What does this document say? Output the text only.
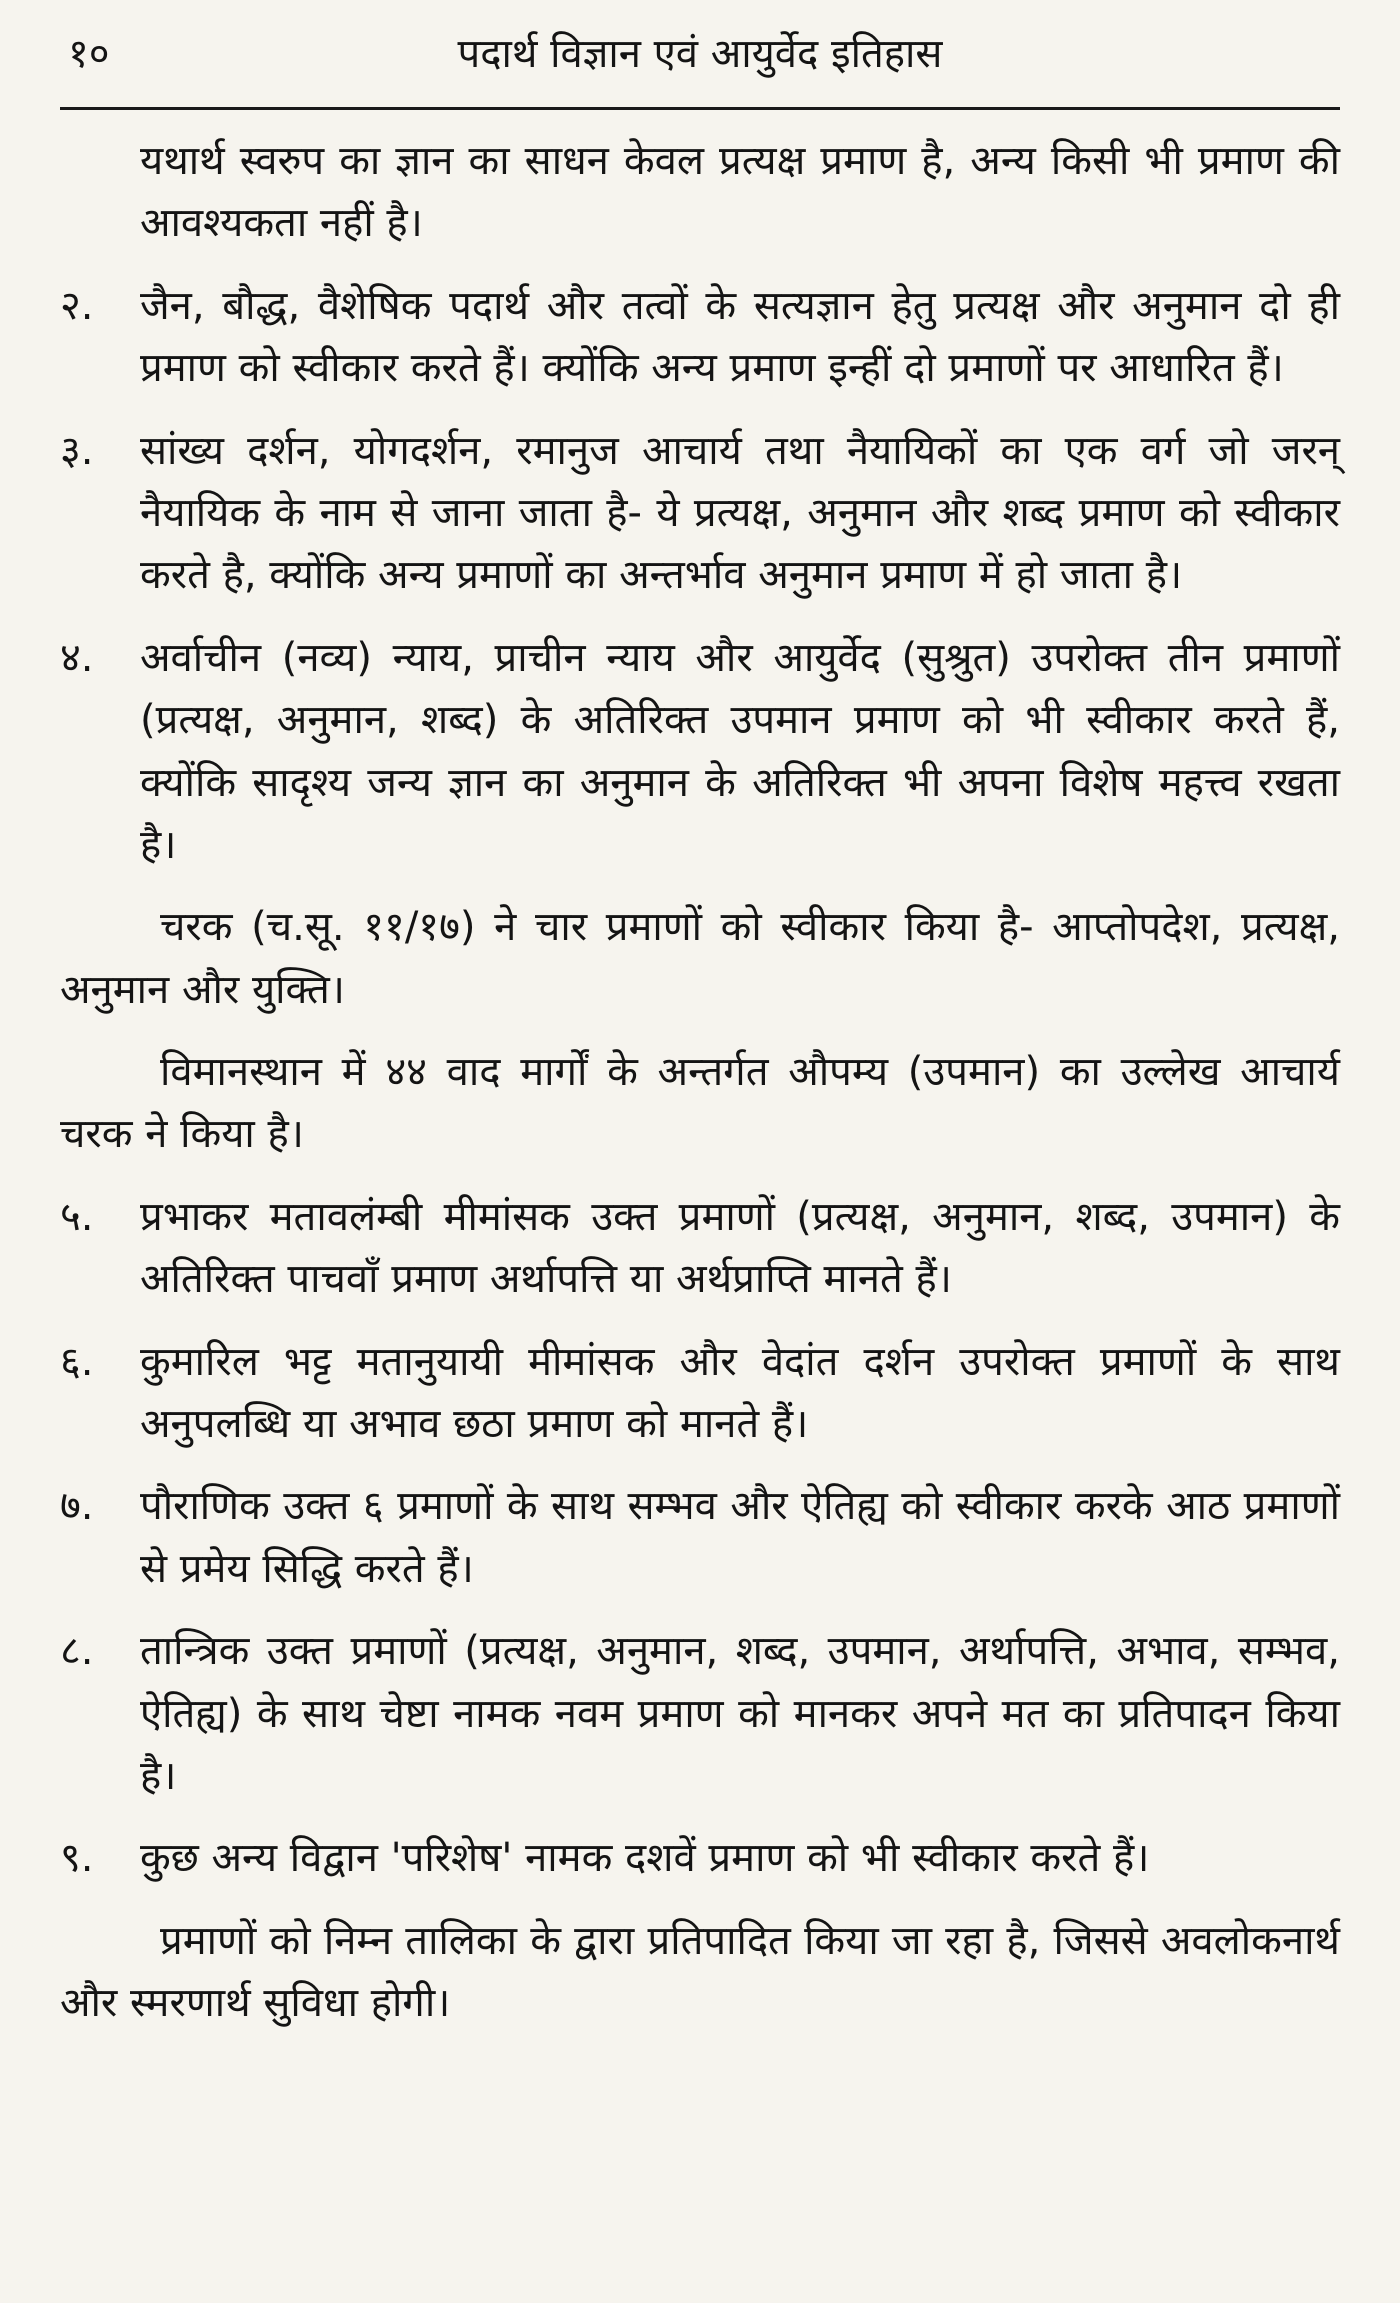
१०	पदार्थ विज्ञान एवं आयुर्वेद इतिहास

यथार्थ स्वरुप का ज्ञान का साधन केवल प्रत्यक्ष प्रमाण है, अन्य किसी भी प्रमाण की आवश्यकता नहीं है।

२.	जैन, बौद्ध, वैशेषिक पदार्थ और तत्वों के सत्यज्ञान हेतु प्रत्यक्ष और अनुमान दो ही प्रमाण को स्वीकार करते हैं। क्योंकि अन्य प्रमाण इन्हीं दो प्रमाणों पर आधारित हैं।
३.	सांख्य दर्शन, योगदर्शन, रमानुज आचार्य तथा नैयायिकों का एक वर्ग जो जरन् नैयायिक के नाम से जाना जाता है- ये प्रत्यक्ष, अनुमान और शब्द प्रमाण को स्वीकार करते है, क्योंकि अन्य प्रमाणों का अन्तर्भाव अनुमान प्रमाण में हो जाता है।
४.	अर्वाचीन (नव्य) न्याय, प्राचीन न्याय और आयुर्वेद (सुश्रुत) उपरोक्त तीन प्रमाणों (प्रत्यक्ष, अनुमान, शब्द) के अतिरिक्त उपमान प्रमाण को भी स्वीकार करते हैं, क्योंकि सादृश्य जन्य ज्ञान का अनुमान के अतिरिक्त भी अपना विशेष महत्त्व रखता है।

चरक (च.सू. ११/१७) ने चार प्रमाणों को स्वीकार किया है- आप्तोपदेश, प्रत्यक्ष, अनुमान और युक्ति।

विमानस्थान में ४४ वाद मार्गों के अन्तर्गत औपम्य (उपमान) का उल्लेख आचार्य चरक ने किया है।

५.	प्रभाकर मतावलंम्बी मीमांसक उक्त प्रमाणों (प्रत्यक्ष, अनुमान, शब्द, उपमान) के अतिरिक्त पाचवाँ प्रमाण अर्थापत्ति या अर्थप्राप्ति मानते हैं।
६.	कुमारिल भट्ट मतानुयायी मीमांसक और वेदांत दर्शन उपरोक्त प्रमाणों के साथ अनुपलब्धि या अभाव छठा प्रमाण को मानते हैं।
७.	पौराणिक उक्त ६ प्रमाणों के साथ सम्भव और ऐतिह्य को स्वीकार करके आठ प्रमाणों से प्रमेय सिद्धि करते हैं।
८.	तान्त्रिक उक्त प्रमाणों (प्रत्यक्ष, अनुमान, शब्द, उपमान, अर्थापत्ति, अभाव, सम्भव, ऐतिह्य) के साथ चेष्टा नामक नवम प्रमाण को मानकर अपने मत का प्रतिपादन किया है।
९.	कुछ अन्य विद्वान 'परिशेष' नामक दशवें प्रमाण को भी स्वीकार करते हैं।

प्रमाणों को निम्न तालिका के द्वारा प्रतिपादित किया जा रहा है, जिससे अवलोकनार्थ और स्मरणार्थ सुविधा होगी।
